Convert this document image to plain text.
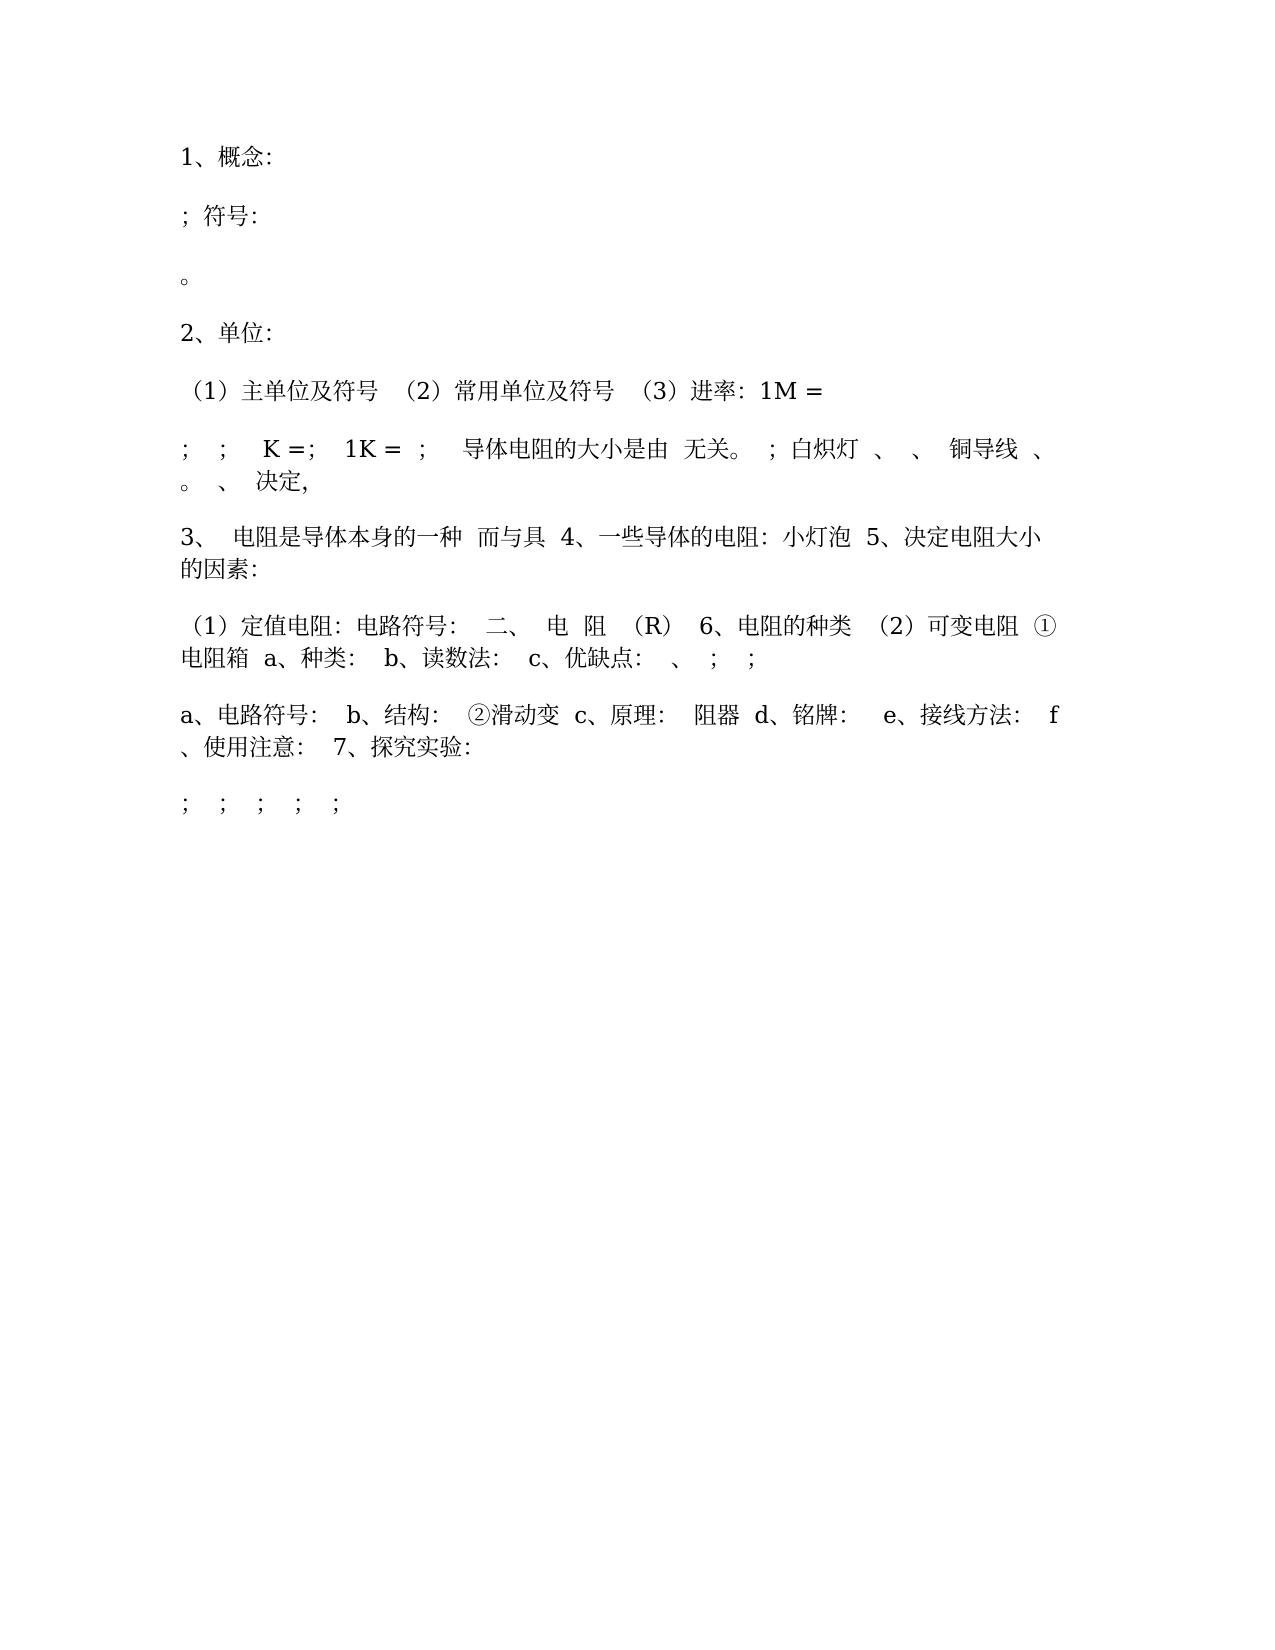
1、概念：
；符号：
。
2、单位：
（1）主单位及符号  （2）常用单位及符号  （3）进率：1M =
；  ；   K =；  1K =  ；   导体电阻的大小是由  无关。  ；白炽灯  、  、  铜导线  、  。  、  决定，
3、  电阻是导体本身的一种  而与具  4、一些导体的电阻：小灯泡  5、决定电阻大小的因素：
（1）定值电阻：电路符号：  二、  电  阻  （R）  6、电阻的种类  （2）可变电阻  ①电阻箱  a、种类：  b、读数法：  c、优缺点：  、  ；  ；
a、电路符号：  b、结构：  ②滑动变  c、原理：  阻器  d、铭牌：   e、接线方法：  f  、使用注意：  7、探究实验：
；  ；  ；  ；  ；
